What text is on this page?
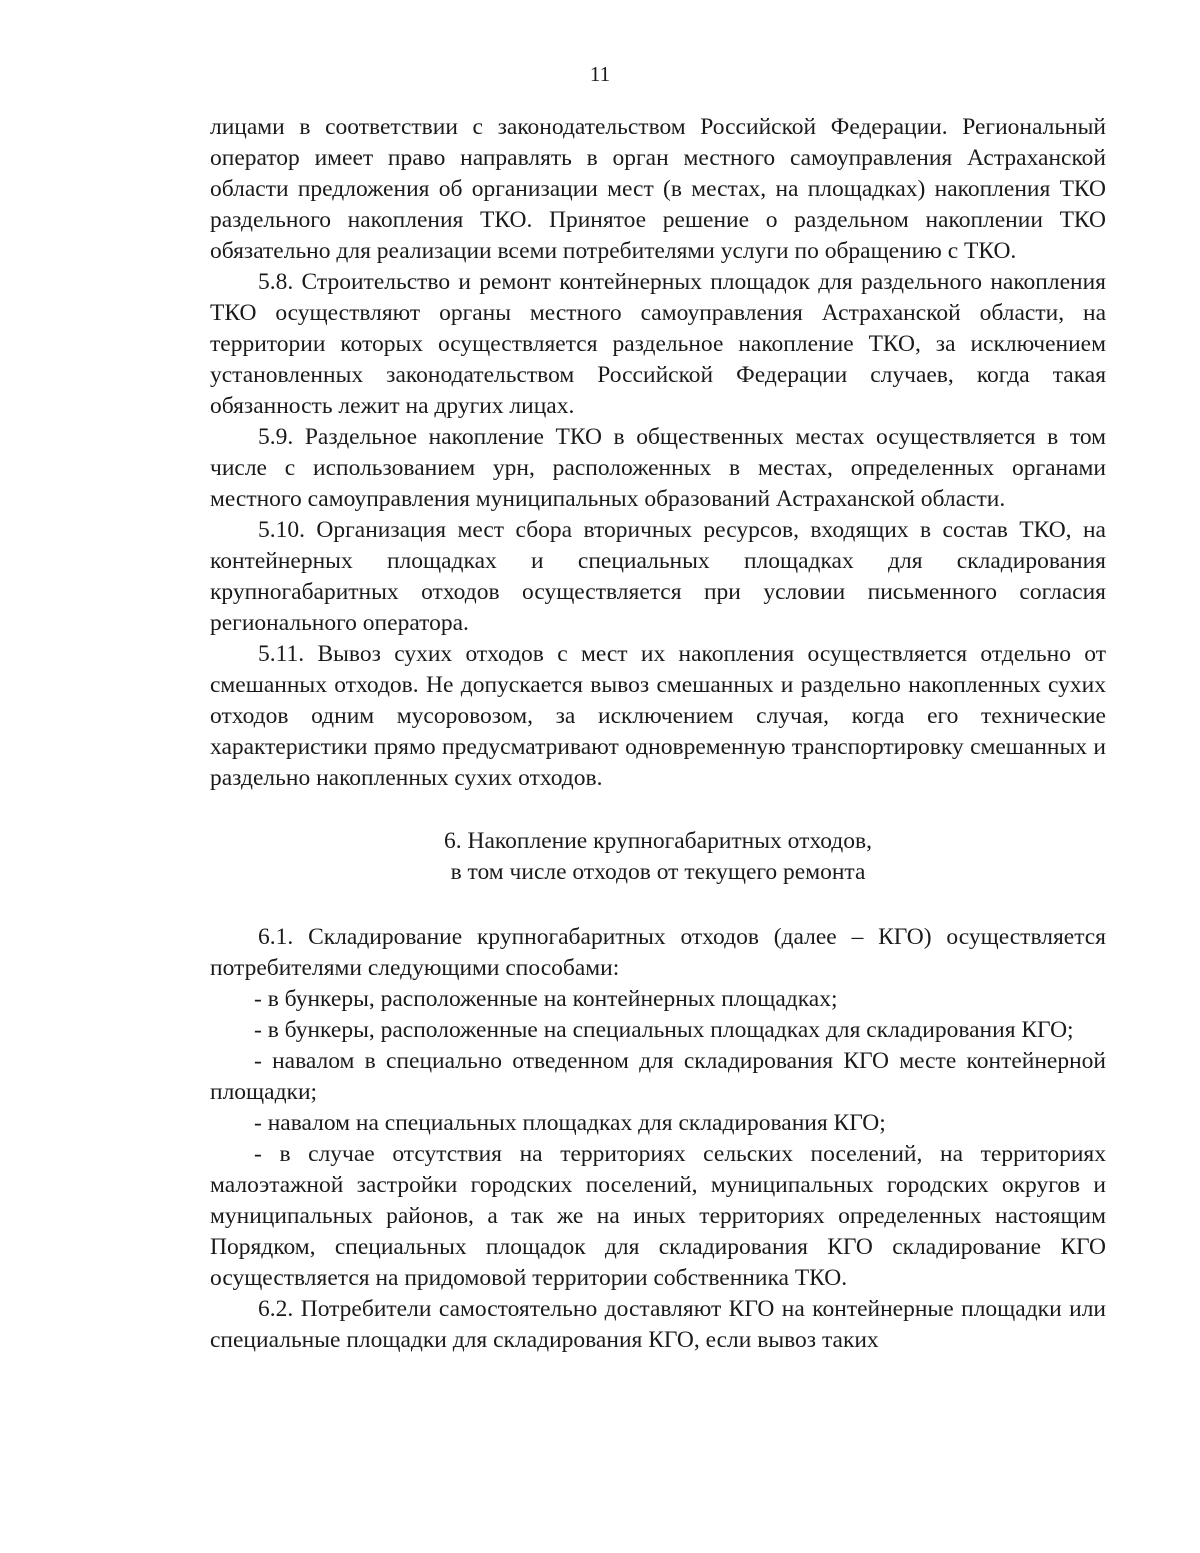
11

лицами в соответствии с законодательством Российской Федерации. Региональный оператор имеет право направлять в орган местного самоуправления Астраханской области предложения об организации мест (в местах, на площадках) накопления ТКО раздельного накопления ТКО. Принятое решение о раздельном накоплении ТКО обязательно для реализации всеми потребителями услуги по обращению с ТКО.

5.8. Строительство и ремонт контейнерных площадок для раздельного накопления ТКО осуществляют органы местного самоуправления Астраханской области, на территории которых осуществляется раздельное накопление ТКО, за исключением установленных законодательством Российской Федерации случаев, когда такая обязанность лежит на других лицах.

5.9. Раздельное накопление ТКО в общественных местах осуществляется в том числе с использованием урн, расположенных в местах, определенных органами местного самоуправления муниципальных образований Астраханской области.

5.10. Организация мест сбора вторичных ресурсов, входящих в состав ТКО, на контейнерных площадках и специальных площадках для складирования крупногабаритных отходов осуществляется при условии письменного согласия регионального оператора.

5.11. Вывоз сухих отходов с мест их накопления осуществляется отдельно от смешанных отходов. Не допускается вывоз смешанных и раздельно накопленных сухих отходов одним мусоровозом, за исключением случая, когда его технические характеристики прямо предусматривают одновременную транспортировку смешанных и раздельно накопленных сухих отходов.

6. Накопление крупногабаритных отходов,
в том числе отходов от текущего ремонта

6.1. Складирование крупногабаритных отходов (далее – КГО) осуществляется потребителями следующими способами:

- в бункеры, расположенные на контейнерных площадках;

- в бункеры, расположенные на специальных площадках для складирования КГО;

- навалом в специально отведенном для складирования КГО месте контейнерной площадки;

- навалом на специальных площадках для складирования КГО;

- в случае отсутствия на территориях сельских поселений, на территориях малоэтажной застройки городских поселений, муниципальных городских округов и муниципальных районов, а так же на иных территориях определенных настоящим Порядком, специальных площадок для складирования КГО складирование КГО осуществляется на придомовой территории собственника ТКО.

6.2. Потребители самостоятельно доставляют КГО на контейнерные площадки или специальные площадки для складирования КГО, если вывоз таких
